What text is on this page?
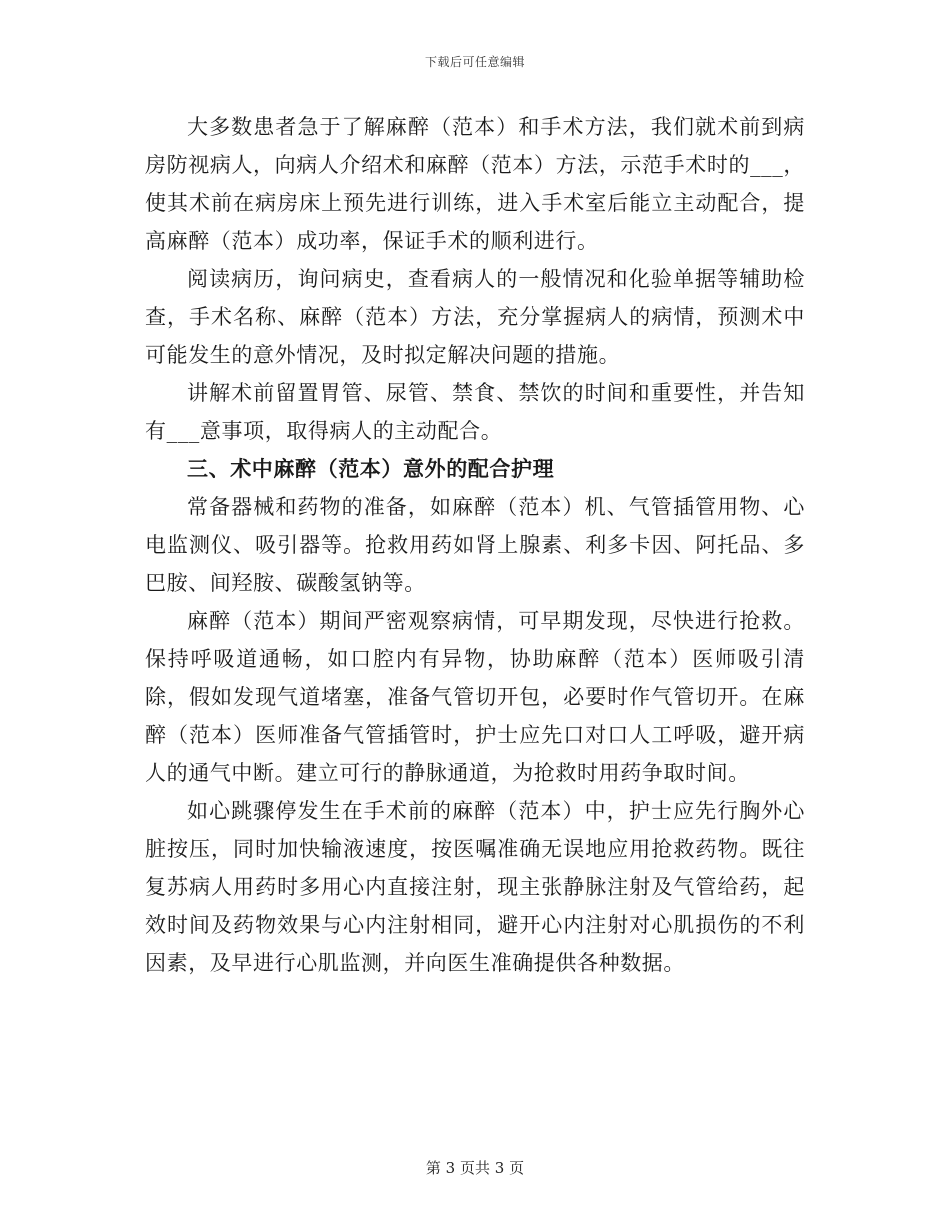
下载后可任意编辑

大多数患者急于了解麻醉（范本）和手术方法，我们就术前到病房防视病人，向病人介绍术和麻醉（范本）方法，示范手术时的___，使其术前在病房床上预先进行训练，进入手术室后能立主动配合，提高麻醉（范本）成功率，保证手术的顺利进行。

阅读病历，询问病史，查看病人的一般情况和化验单据等辅助检查，手术名称、麻醉（范本）方法，充分掌握病人的病情，预测术中可能发生的意外情况，及时拟定解决问题的措施。

讲解术前留置胃管、尿管、禁食、禁饮的时间和重要性，并告知有___意事项，取得病人的主动配合。

三、术中麻醉（范本）意外的配合护理

常备器械和药物的准备，如麻醉（范本）机、气管插管用物、心电监测仪、吸引器等。抢救用药如肾上腺素、利多卡因、阿托品、多巴胺、间羟胺、碳酸氢钠等。

麻醉（范本）期间严密观察病情，可早期发现，尽快进行抢救。保持呼吸道通畅，如口腔内有异物，协助麻醉（范本）医师吸引清除，假如发现气道堵塞，准备气管切开包，必要时作气管切开。在麻醉（范本）医师准备气管插管时，护士应先口对口人工呼吸，避开病人的通气中断。建立可行的静脉通道，为抢救时用药争取时间。

如心跳骤停发生在手术前的麻醉（范本）中，护士应先行胸外心脏按压，同时加快输液速度，按医嘱准确无误地应用抢救药物。既往复苏病人用药时多用心内直接注射，现主张静脉注射及气管给药，起效时间及药物效果与心内注射相同，避开心内注射对心肌损伤的不利因素，及早进行心肌监测，并向医生准确提供各种数据。

第 3 页共 3 页
